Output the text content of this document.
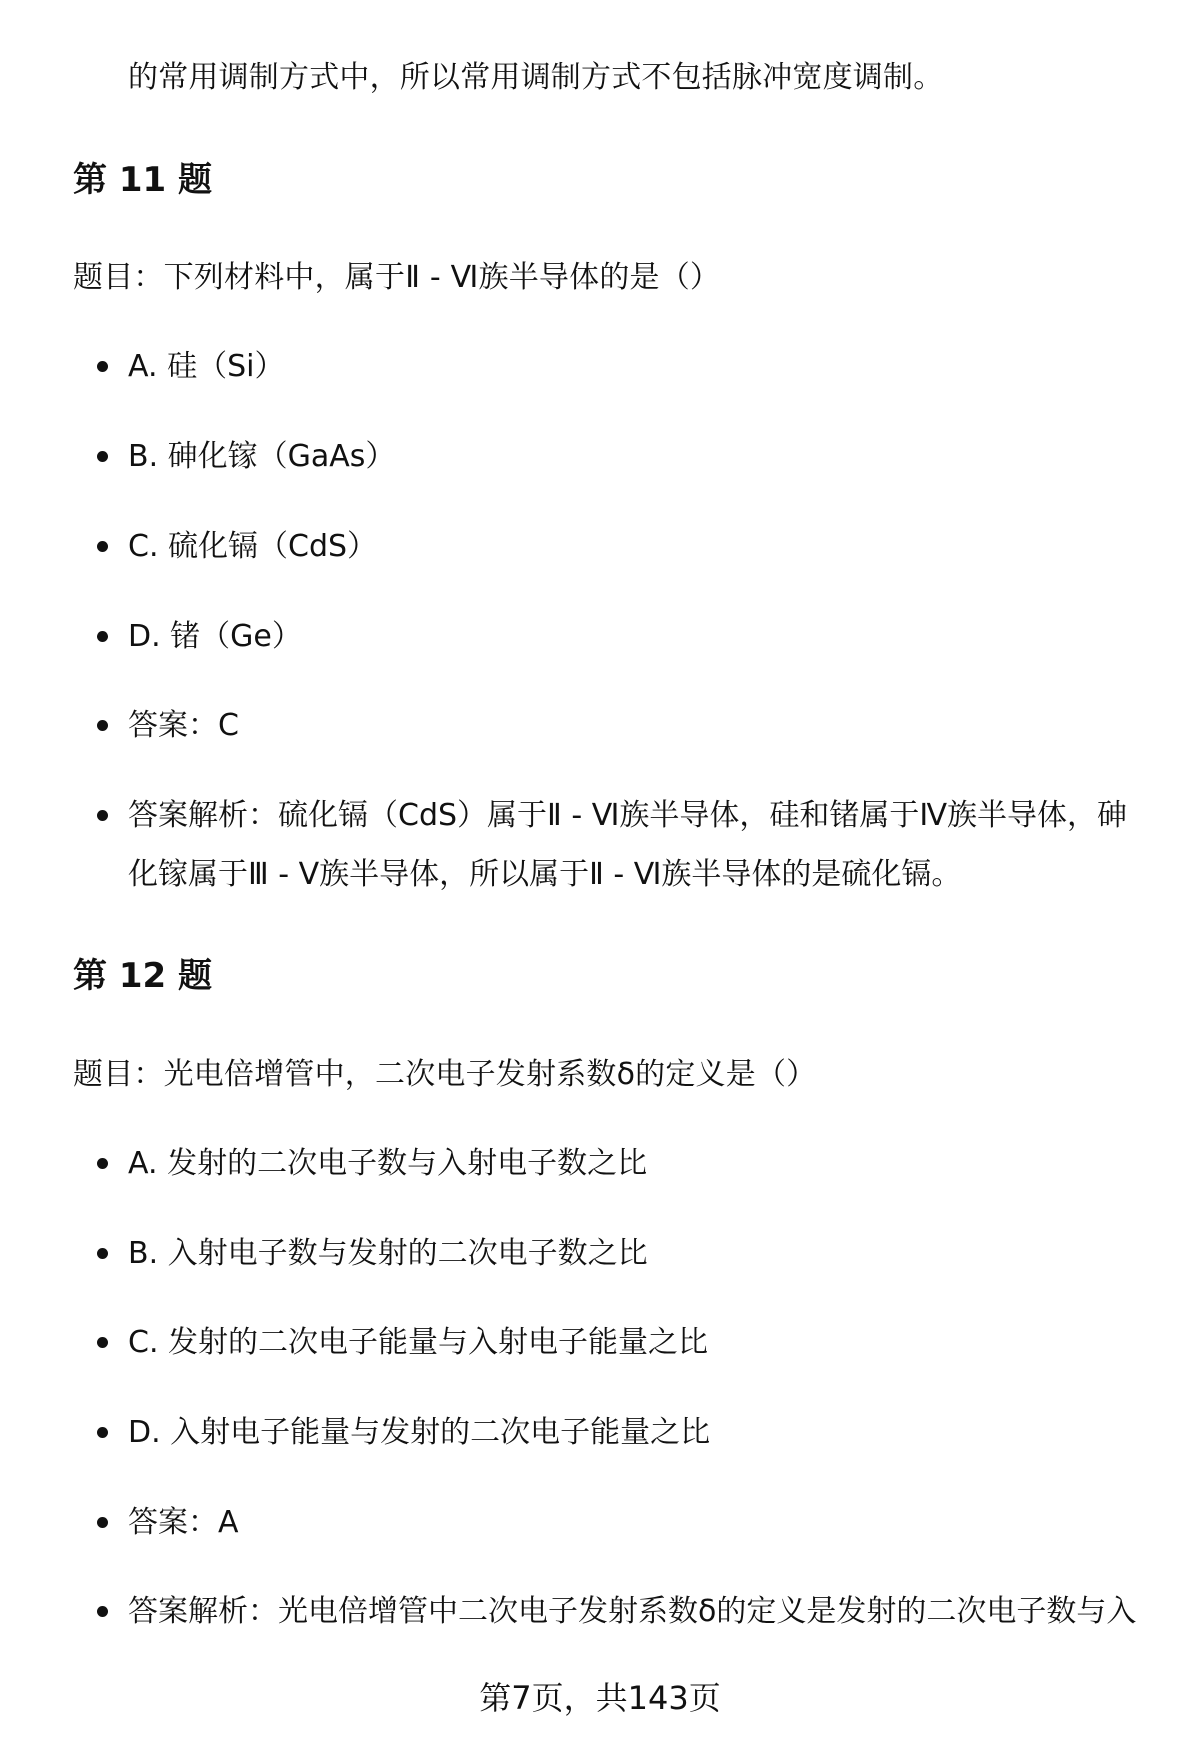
的常用调制方式中，所以常用调制方式不包括脉冲宽度调制。
第 11 题
题目：下列材料中，属于Ⅱ - Ⅵ族半导体的是（）
A. 硅（Si）
B. 砷化镓（GaAs）
C. 硫化镉（CdS）
D. 锗（Ge）
答案：C
答案解析：硫化镉（CdS）属于Ⅱ - Ⅵ族半导体，硅和锗属于Ⅳ族半导体，砷
化镓属于Ⅲ - Ⅴ族半导体，所以属于Ⅱ - Ⅵ族半导体的是硫化镉。
第 12 题
题目：光电倍增管中，二次电子发射系数δ的定义是（）
A. 发射的二次电子数与入射电子数之比
B. 入射电子数与发射的二次电子数之比
C. 发射的二次电子能量与入射电子能量之比
D. 入射电子能量与发射的二次电子能量之比
答案：A
答案解析：光电倍增管中二次电子发射系数δ的定义是发射的二次电子数与入
第7页，共143页
